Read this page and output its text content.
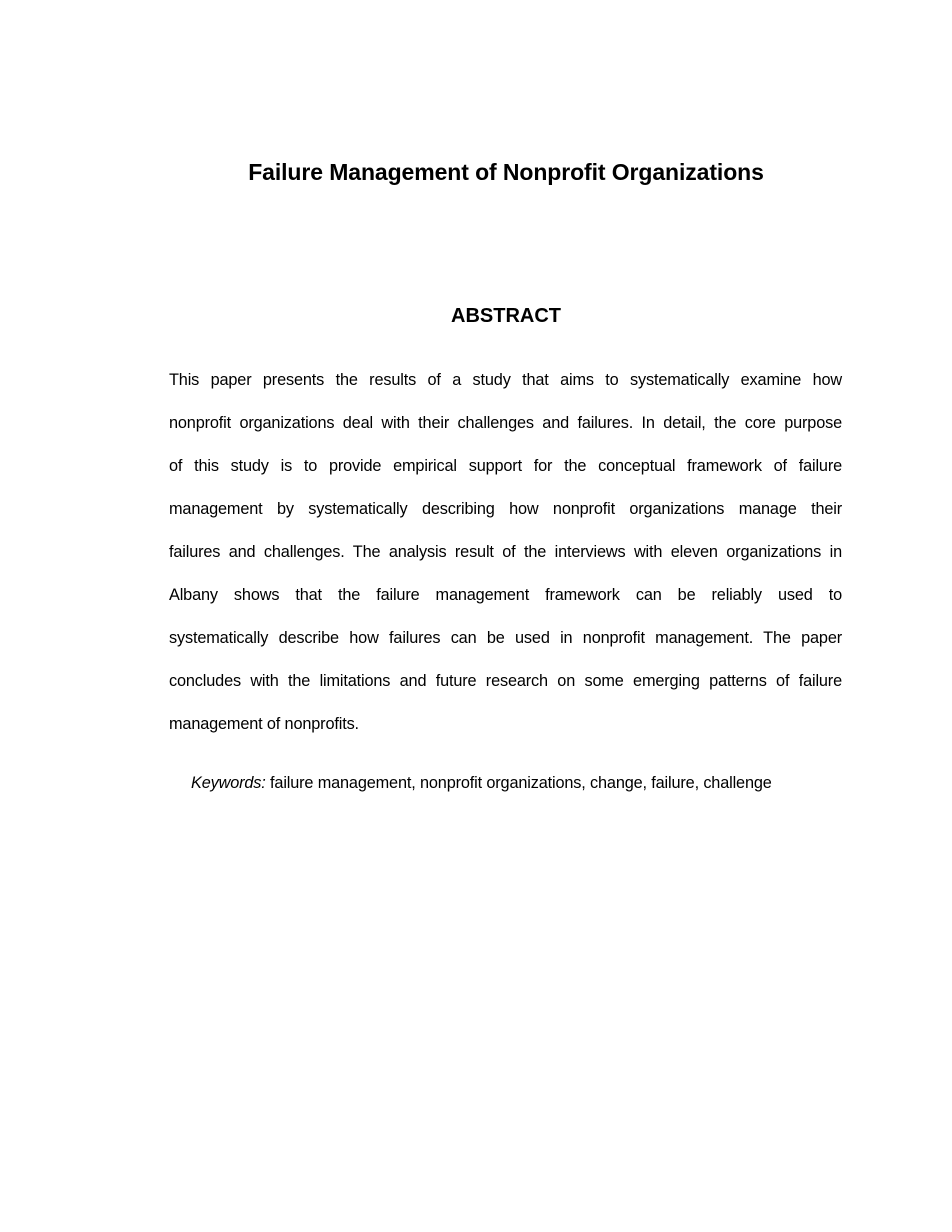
Failure Management of Nonprofit Organizations
ABSTRACT
This paper presents the results of a study that aims to systematically examine how
nonprofit organizations deal with their challenges and failures. In detail, the core purpose
of this study is to provide empirical support for the conceptual framework of failure
management by systematically describing how nonprofit organizations manage their
failures and challenges. The analysis result of the interviews with eleven organizations in
Albany shows that the failure management framework can be reliably used to
systematically describe how failures can be used in nonprofit management. The paper
concludes with the limitations and future research on some emerging patterns of failure
management of nonprofits.

Keywords: failure management, nonprofit organizations, change, failure, challenge
